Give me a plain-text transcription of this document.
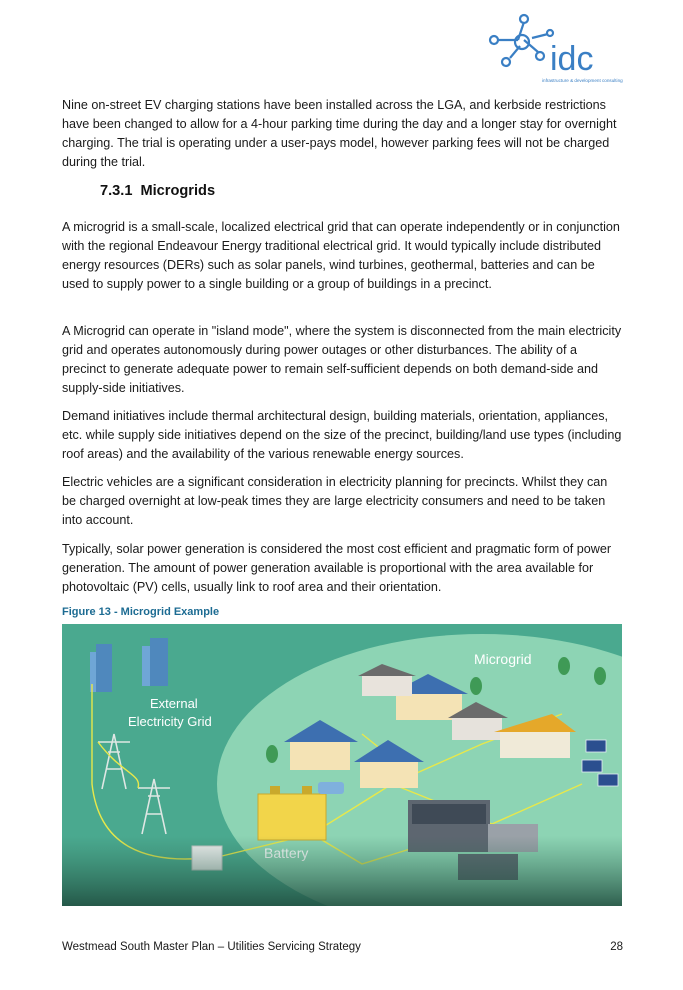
idc
infrastructure & development consulting

Nine on-street EV charging stations have been installed across the LGA, and kerbside restrictions have been changed to allow for a 4-hour parking time during the day and a longer stay for overnight charging. The trial is operating under a user-pays model, however parking fees will not be charged during the trial.

7.3.1 Microgrids

A microgrid is a small-scale, localized electrical grid that can operate independently or in conjunction with the regional Endeavour Energy traditional electrical grid. It would typically include distributed energy resources (DERs) such as solar panels, wind turbines, geothermal, batteries and can be used to supply power to a single building or a group of buildings in a precinct.

A Microgrid can operate in "island mode", where the system is disconnected from the main electricity grid and operates autonomously during power outages or other disturbances. The ability of a precinct to generate adequate power to remain self-sufficient depends on both demand-side and supply-side initiatives.

Demand initiatives include thermal architectural design, building materials, orientation, appliances, etc. while supply side initiatives depend on the size of the precinct, building/land use types (including roof areas) and the availability of the various renewable energy sources.

Electric vehicles are a significant consideration in electricity planning for precincts. Whilst they can be charged overnight at low-peak times they are large electricity consumers and need to be taken into account.

Typically, solar power generation is considered the most cost efficient and pragmatic form of power generation. The amount of power generation available is proportional with the area available for photovoltaic (PV) cells, usually link to roof area and their orientation.

Figure 13 - Microgrid Example

Microgrid
External
Electricity Grid
Westmead South Master Plan – Utilities Servicing Strategy	28
